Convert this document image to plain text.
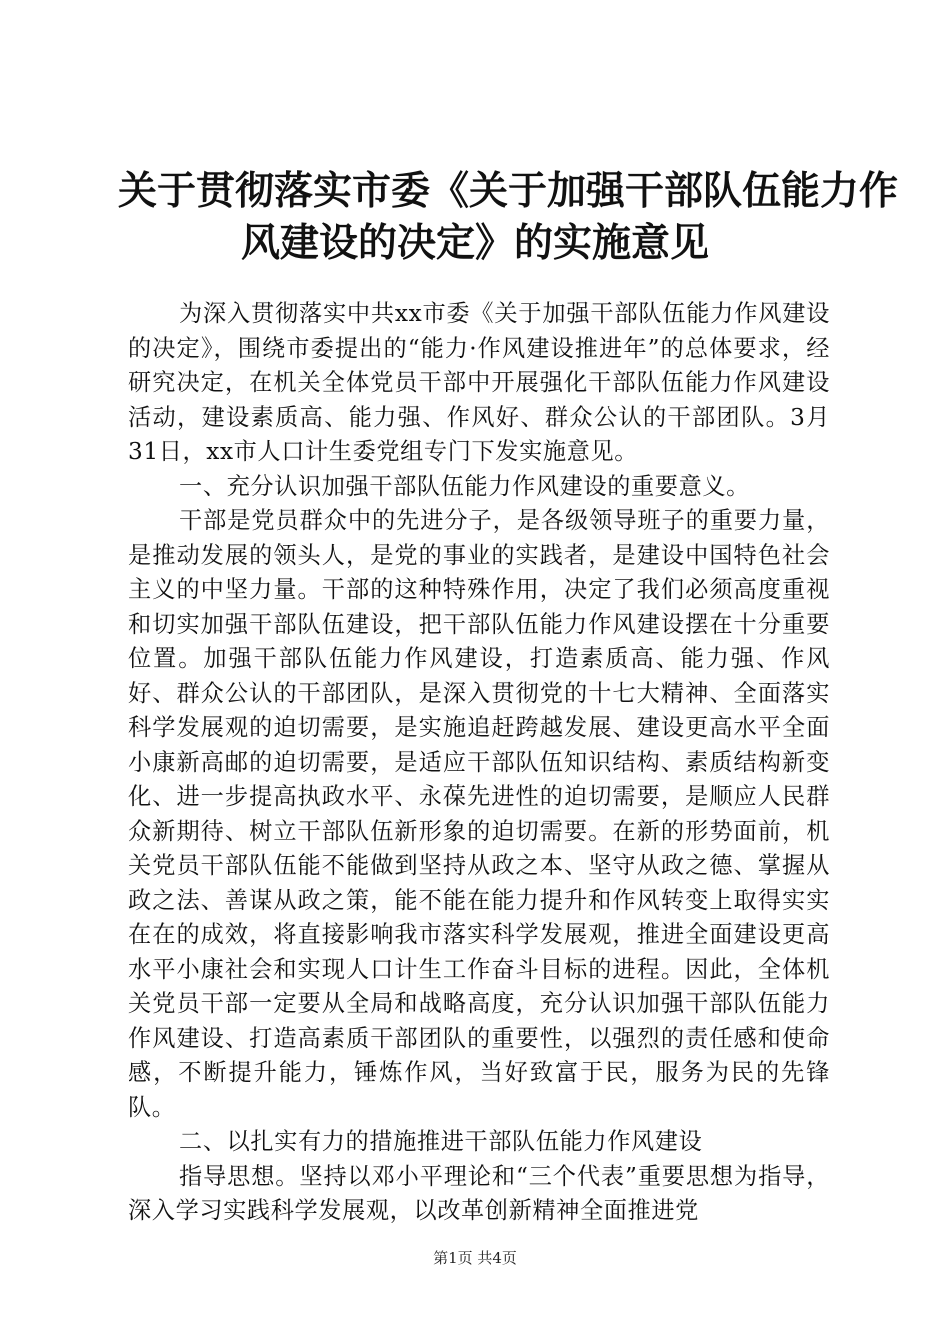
关于贯彻落实市委《关于加强干部队伍能力作
风建设的决定》的实施意见

为深入贯彻落实中共xx市委《关于加强干部队伍能力作风建设的决定》，围绕市委提出的“能力·作风建设推进年”的总体要求，经研究决定，在机关全体党员干部中开展强化干部队伍能力作风建设活动，建设素质高、能力强、作风好、群众公认的干部团队。3月31日，xx市人口计生委党组专门下发实施意见。

一、充分认识加强干部队伍能力作风建设的重要意义。

干部是党员群众中的先进分子，是各级领导班子的重要力量，是推动发展的领头人，是党的事业的实践者，是建设中国特色社会主义的中坚力量。干部的这种特殊作用，决定了我们必须高度重视和切实加强干部队伍建设，把干部队伍能力作风建设摆在十分重要位置。加强干部队伍能力作风建设，打造素质高、能力强、作风好、群众公认的干部团队，是深入贯彻党的十七大精神、全面落实科学发展观的迫切需要，是实施追赶跨越发展、建设更高水平全面小康新高邮的迫切需要，是适应干部队伍知识结构、素质结构新变化、进一步提高执政水平、永葆先进性的迫切需要，是顺应人民群众新期待、树立干部队伍新形象的迫切需要。在新的形势面前，机关党员干部队伍能不能做到坚持从政之本、坚守从政之德、掌握从政之法、善谋从政之策，能不能在能力提升和作风转变上取得实实在在的成效，将直接影响我市落实科学发展观，推进全面建设更高水平小康社会和实现人口计生工作奋斗目标的进程。因此，全体机关党员干部一定要从全局和战略高度，充分认识加强干部队伍能力作风建设、打造高素质干部团队的重要性，以强烈的责任感和使命感，不断提升能力，锤炼作风，当好致富于民，服务为民的先锋队。

二、以扎实有力的措施推进干部队伍能力作风建设

指导思想。坚持以邓小平理论和“三个代表”重要思想为指导，深入学习实践科学发展观，以改革创新精神全面推进党

第1页 共4页
